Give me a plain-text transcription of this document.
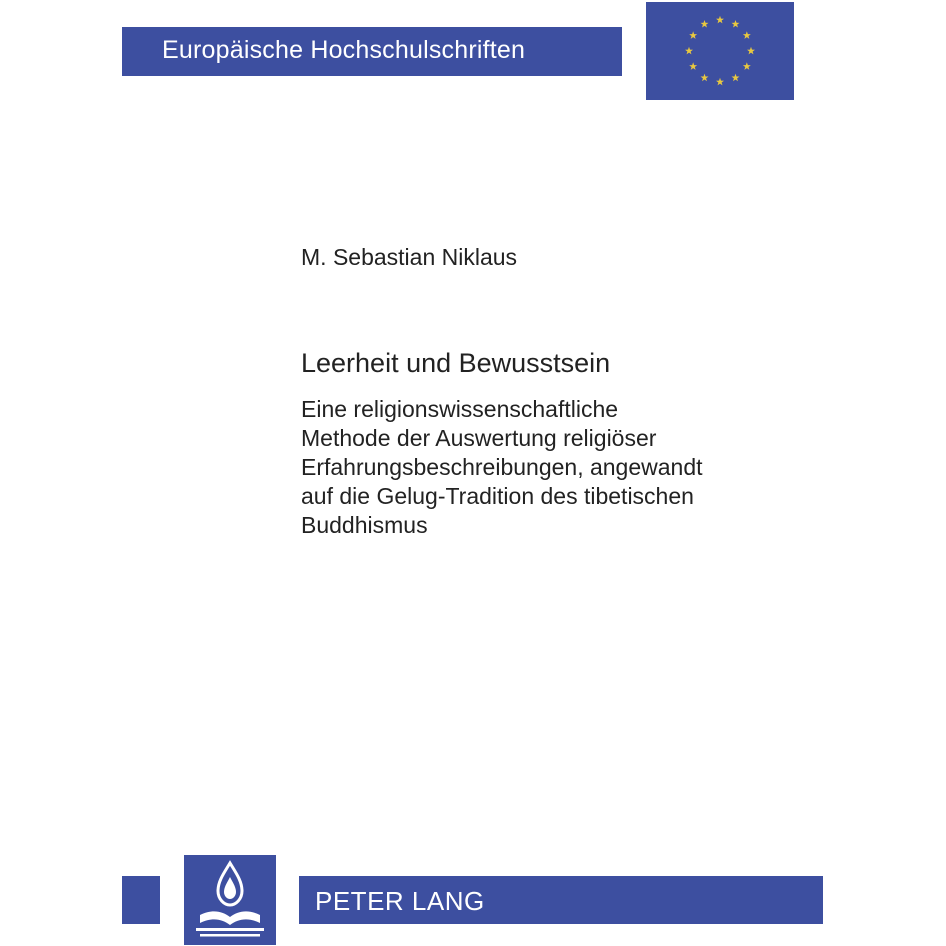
Europäische Hochschulschriften
M. Sebastian Niklaus
Leerheit und Bewusstsein
Eine religionswissenschaftliche
Methode der Auswertung religiöser
Erfahrungsbeschreibungen, angewandt
auf die Gelug-Tradition des tibetischen
Buddhismus
PETER LANG
